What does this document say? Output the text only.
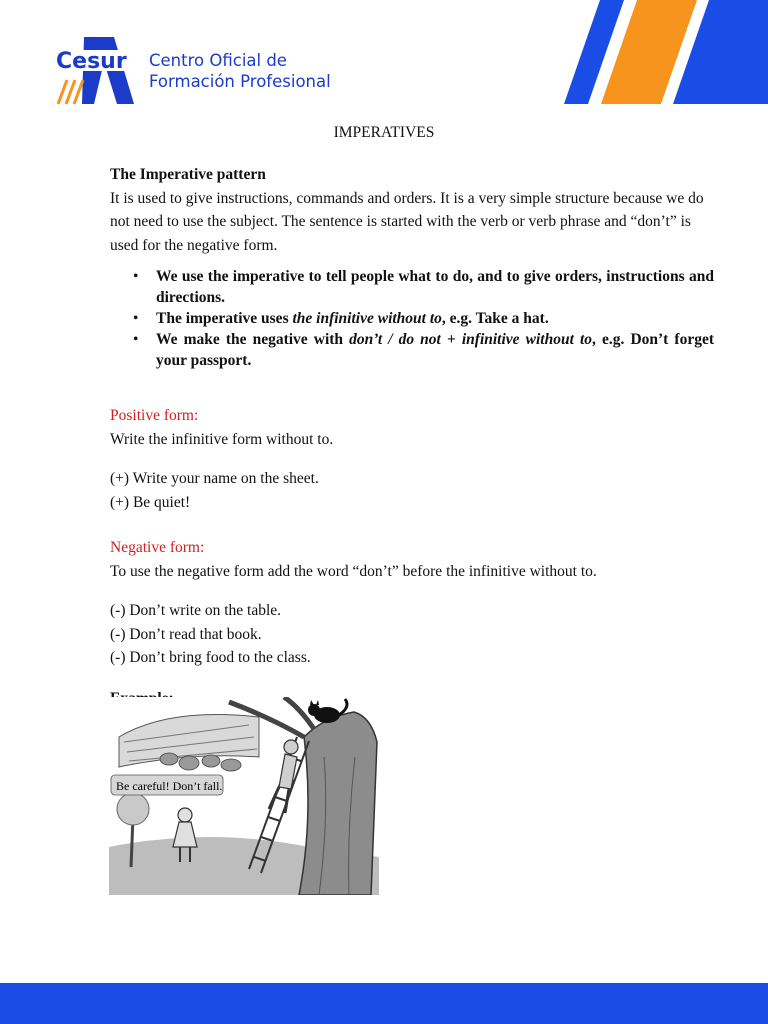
Cesur Centro Oficial de
Formación Profesional
IMPERATIVES

The Imperative pattern

It is used to give instructions, commands and orders. It is a very simple structure because we do not need to use the subject. The sentence is started with the verb or verb phrase and “don’t” is used for the negative form.

• We use the imperative to tell people what to do, and to give orders, instructions and directions.
• The imperative uses the infinitive without to, e.g. Take a hat.
• We make the negative with don’t / do not + infinitive without to, e.g. Don’t forget your passport.

Positive form:

Write the infinitive form without to.

(+) Write your name on the sheet.

(+) Be quiet!

Negative form:

To use the negative form add the word “don’t” before the infinitive without to.

(-) Don’t write on the table.

(-) Don’t read that book.

(-) Don’t bring food to the class.

Be careful! Don’t fall.
